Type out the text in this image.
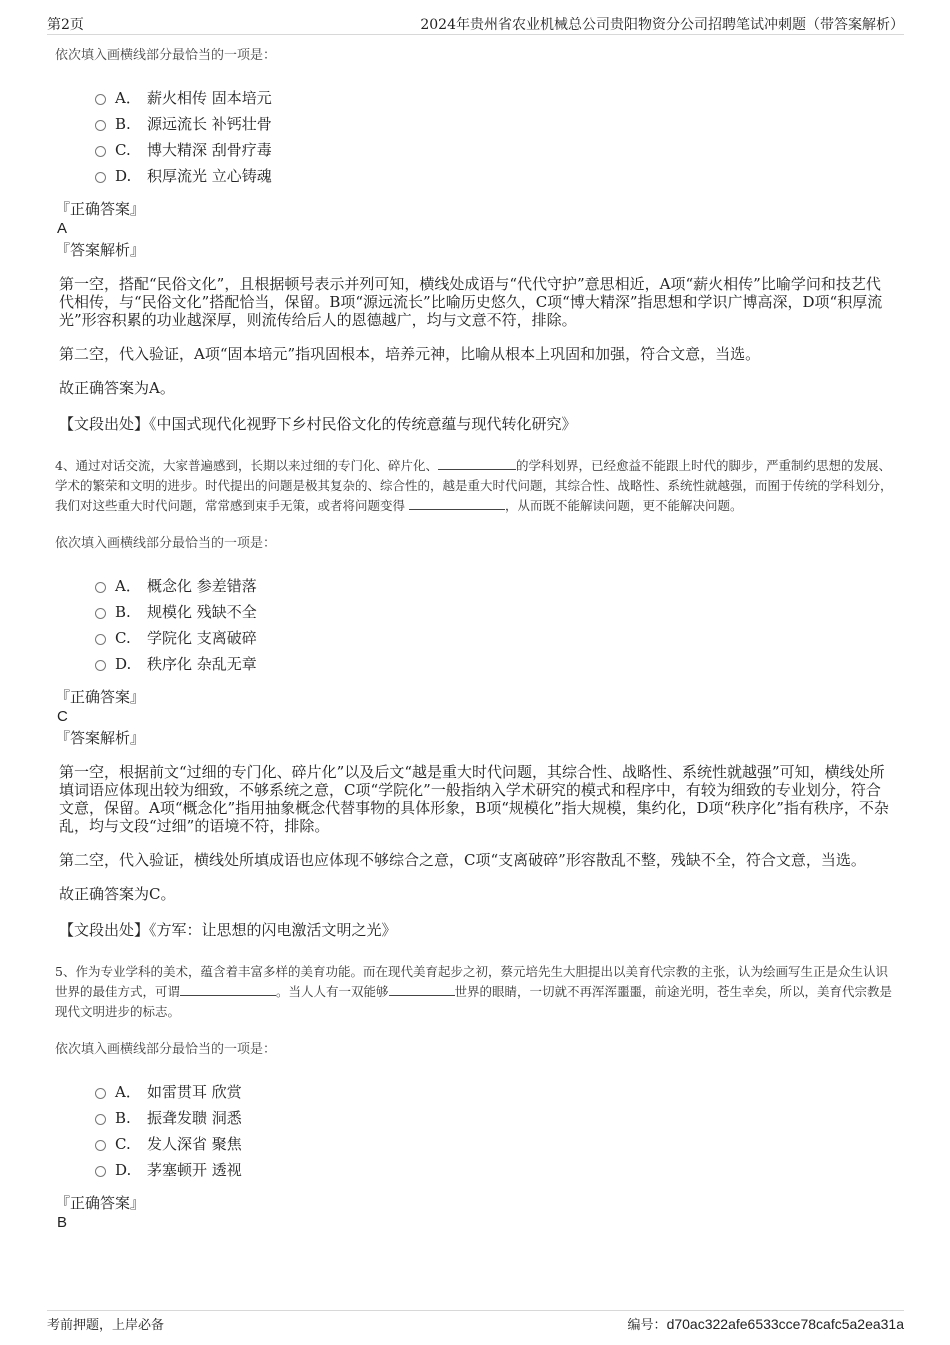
第2页	2024年贵州省农业机械总公司贵阳物资分公司招聘笔试冲刺题（带答案解析）

依次填入画横线部分最恰当的一项是：

A． 薪火相传 固本培元
B. 源远流长 补钙壮骨
C. 博大精深 刮骨疗毒
D. 积厚流光 立心铸魂

『正确答案』

A

『答案解析』

第一空，搭配“民俗文化”，且根据顿号表示并列可知，横线处成语与“代代守护”意思相近，A项“薪火相传”比喻学问和技艺代代相传，与“民俗文化”搭配恰当，保留。B项“源远流长”比喻历史悠久，C项“博大精深”指思想和学识广博高深，D项“积厚流光”形容积累的功业越深厚，则流传给后人的恩德越广，均与文意不符，排除。

第二空，代入验证，A项“固本培元”指巩固根本，培养元神，比喻从根本上巩固和加强，符合文意，当选。

故正确答案为A。

【文段出处】《中国式现代化视野下乡村民俗文化的传统意蕴与现代转化研究》

4、通过对话交流，大家普遍感到，长期以来过细的专门化、碎片化、	的学科划界，已经愈益不能跟上时代的脚步，严重制约思想的发展、学术的繁荣和文明的进步。时代提出的问题是极其复杂的、综合性的，越是重大时代问题，其综合性、战略性、系统性就越强，而囿于传统的学科划分，我们对这些重大时代问题，常常感到束手无策，或者将问题变得	，从而既不能解读问题，更不能解决问题。

依次填入画横线部分最恰当的一项是：

A． 概念化 参差错落
B. 规模化 残缺不全
C. 学院化 支离破碎
D. 秩序化 杂乱无章

『正确答案』

C

『答案解析』

第一空，根据前文“过细的专门化、碎片化”以及后文“越是重大时代问题，其综合性、战略性、系统性就越强”可知，横线处所填词语应体现出较为细致，不够系统之意，C项“学院化”一般指纳入学术研究的模式和程序中，有较为细致的专业划分，符合文意，保留。A项“概念化”指用抽象概念代替事物的具体形象，B项“规模化”指大规模，集约化，D项“秩序化”指有秩序，不杂乱，均与文段“过细”的语境不符，排除。

第二空，代入验证，横线处所填成语也应体现不够综合之意，C项“支离破碎”形容散乱不整，残缺不全，符合文意，当选。

故正确答案为C。

【文段出处】《方军：让思想的闪电激活文明之光》

5、作为专业学科的美术，蕴含着丰富多样的美育功能。而在现代美育起步之初，蔡元培先生大胆提出以美育代宗教的主张，认为绘画写生正是众生认识世界的最佳方式，可谓	。当人人有一双能够	世界的眼睛，一切就不再浑浑噩噩，前途光明，苍生幸矣，所以，美育代宗教是现代文明进步的标志。

依次填入画横线部分最恰当的一项是：

A． 如雷贯耳 欣赏
B. 振聋发聩 洞悉
C. 发人深省 聚焦
D. 茅塞顿开 透视

『正确答案』

B

考前押题，上岸必备	编号：d70ac322afe6533cce78cafc5a2ea31a
